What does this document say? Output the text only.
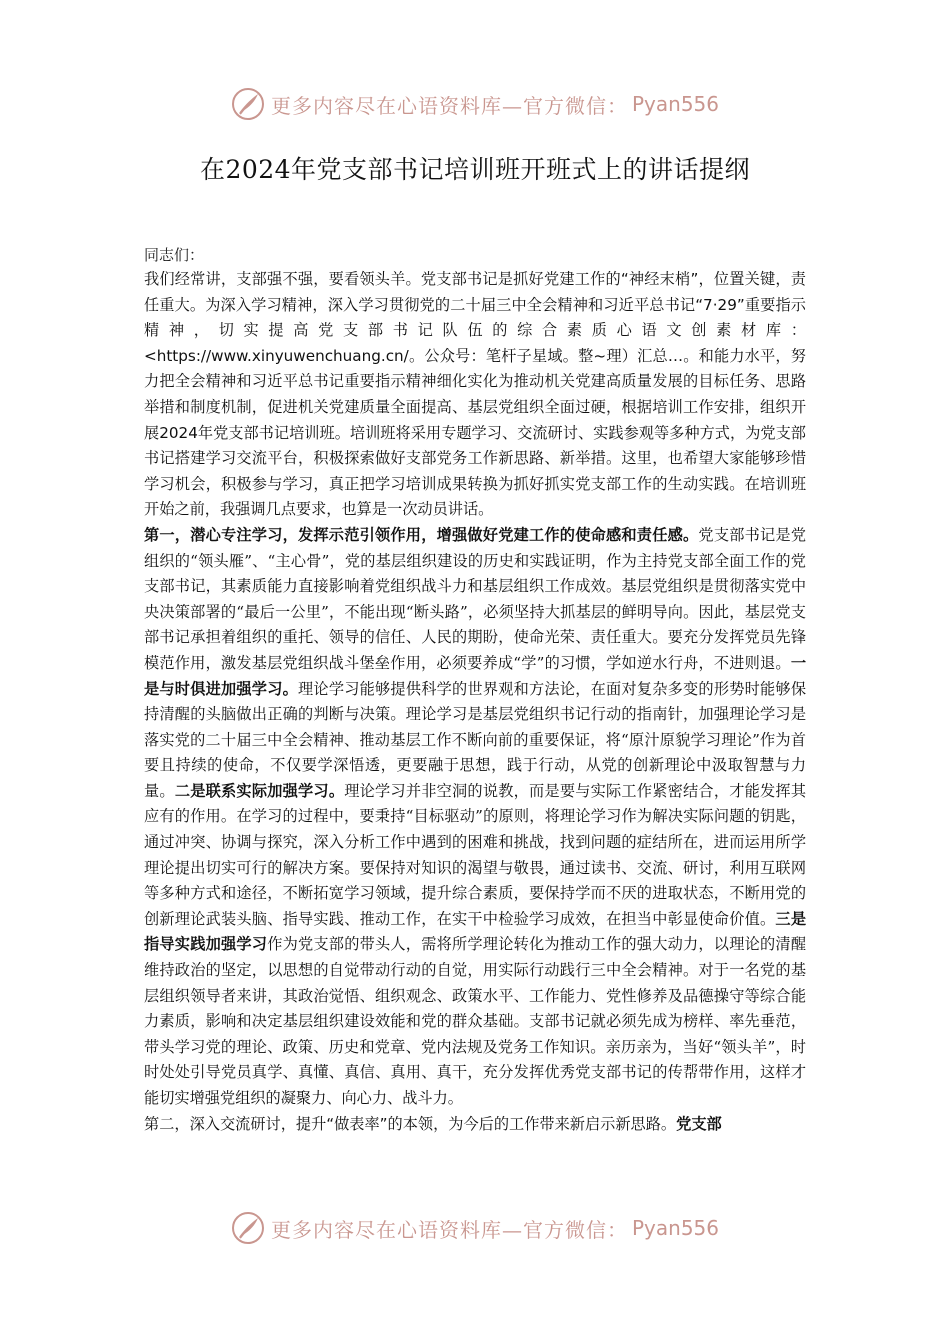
更多内容尽在心语资料库—官方微信： Pyan556
在2024年党支部书记培训班开班式上的讲话提纲

同志们：

我们经常讲，支部强不强，要看领头羊。党支部书记是抓好党建工作的“神经末梢”，位置关键，责任重大。为深入学习精神，深入学习贯彻党的二十届三中全会精神和习近平总书记“7·29”重要指示精神，切实提高党支部书记队伍的综合素质心语文创素材库：<https://www.xinyuwenchuang.cn/。公众号：笔杆子星域。整~理）汇总…。和能力水平，努力把全会精神和习近平总书记重要指示精神细化实化为推动机关党建高质量发展的目标任务、思路举措和制度机制，促进机关党建质量全面提高、基层党组织全面过硬，根据培训工作安排，组织开展2024年党支部书记培训班。培训班将采用专题学习、交流研讨、实践参观等多种方式，为党支部书记搭建学习交流平台，积极探索做好支部党务工作新思路、新举措。这里，也希望大家能够珍惜学习机会，积极参与学习，真正把学习培训成果转换为抓好抓实党支部工作的生动实践。在培训班开始之前，我强调几点要求，也算是一次动员讲话。

第一，潜心专注学习，发挥示范引领作用，增强做好党建工作的使命感和责任感。党支部书记是党组织的“领头雁”、“主心骨”，党的基层组织建设的历史和实践证明，作为主持党支部全面工作的党支部书记，其素质能力直接影响着党组织战斗力和基层组织工作成效。基层党组织是贯彻落实党中央决策部署的“最后一公里”，不能出现“断头路”，必须坚持大抓基层的鲜明导向。因此，基层党支部书记承担着组织的重托、领导的信任、人民的期盼，使命光荣、责任重大。要充分发挥党员先锋模范作用，激发基层党组织战斗堡垒作用，必须要养成“学”的习惯，学如逆水行舟，不进则退。一是与时俱进加强学习。理论学习能够提供科学的世界观和方法论，在面对复杂多变的形势时能够保持清醒的头脑做出正确的判断与决策。理论学习是基层党组织书记行动的指南针，加强理论学习是落实党的二十届三中全会精神、推动基层工作不断向前的重要保证，将“原汁原貌学习理论”作为首要且持续的使命，不仅要学深悟透，更要融于思想，践于行动，从党的创新理论中汲取智慧与力量。二是联系实际加强学习。理论学习并非空洞的说教，而是要与实际工作紧密结合，才能发挥其应有的作用。在学习的过程中，要秉持“目标驱动”的原则，将理论学习作为解决实际问题的钥匙，通过冲突、协调与探究，深入分析工作中遇到的困难和挑战，找到问题的症结所在，进而运用所学理论提出切实可行的解决方案。要保持对知识的渴望与敬畏，通过读书、交流、研讨，利用互联网等多种方式和途径，不断拓宽学习领域，提升综合素质，要保持学而不厌的进取状态，不断用党的创新理论武装头脑、指导实践、推动工作，在实干中检验学习成效，在担当中彰显使命价值。三是指导实践加强学习作为党支部的带头人，需将所学理论转化为推动工作的强大动力，以理论的清醒维持政治的坚定，以思想的自觉带动行动的自觉，用实际行动践行三中全会精神。对于一名党的基层组织领导者来讲，其政治觉悟、组织观念、政策水平、工作能力、党性修养及品德操守等综合能力素质，影响和决定基层组织建设效能和党的群众基础。支部书记就必须先成为榜样、率先垂范，带头学习党的理论、政策、历史和党章、党内法规及党务工作知识。亲历亲为，当好“领头羊”，时时处处引导党员真学、真懂、真信、真用、真干，充分发挥优秀党支部书记的传帮带作用，这样才能切实增强党组织的凝聚力、向心力、战斗力。

第二，深入交流研讨，提升“做表率”的本领，为今后的工作带来新启示新思路。党支部

更多内容尽在心语资料库—官方微信： Pyan556
